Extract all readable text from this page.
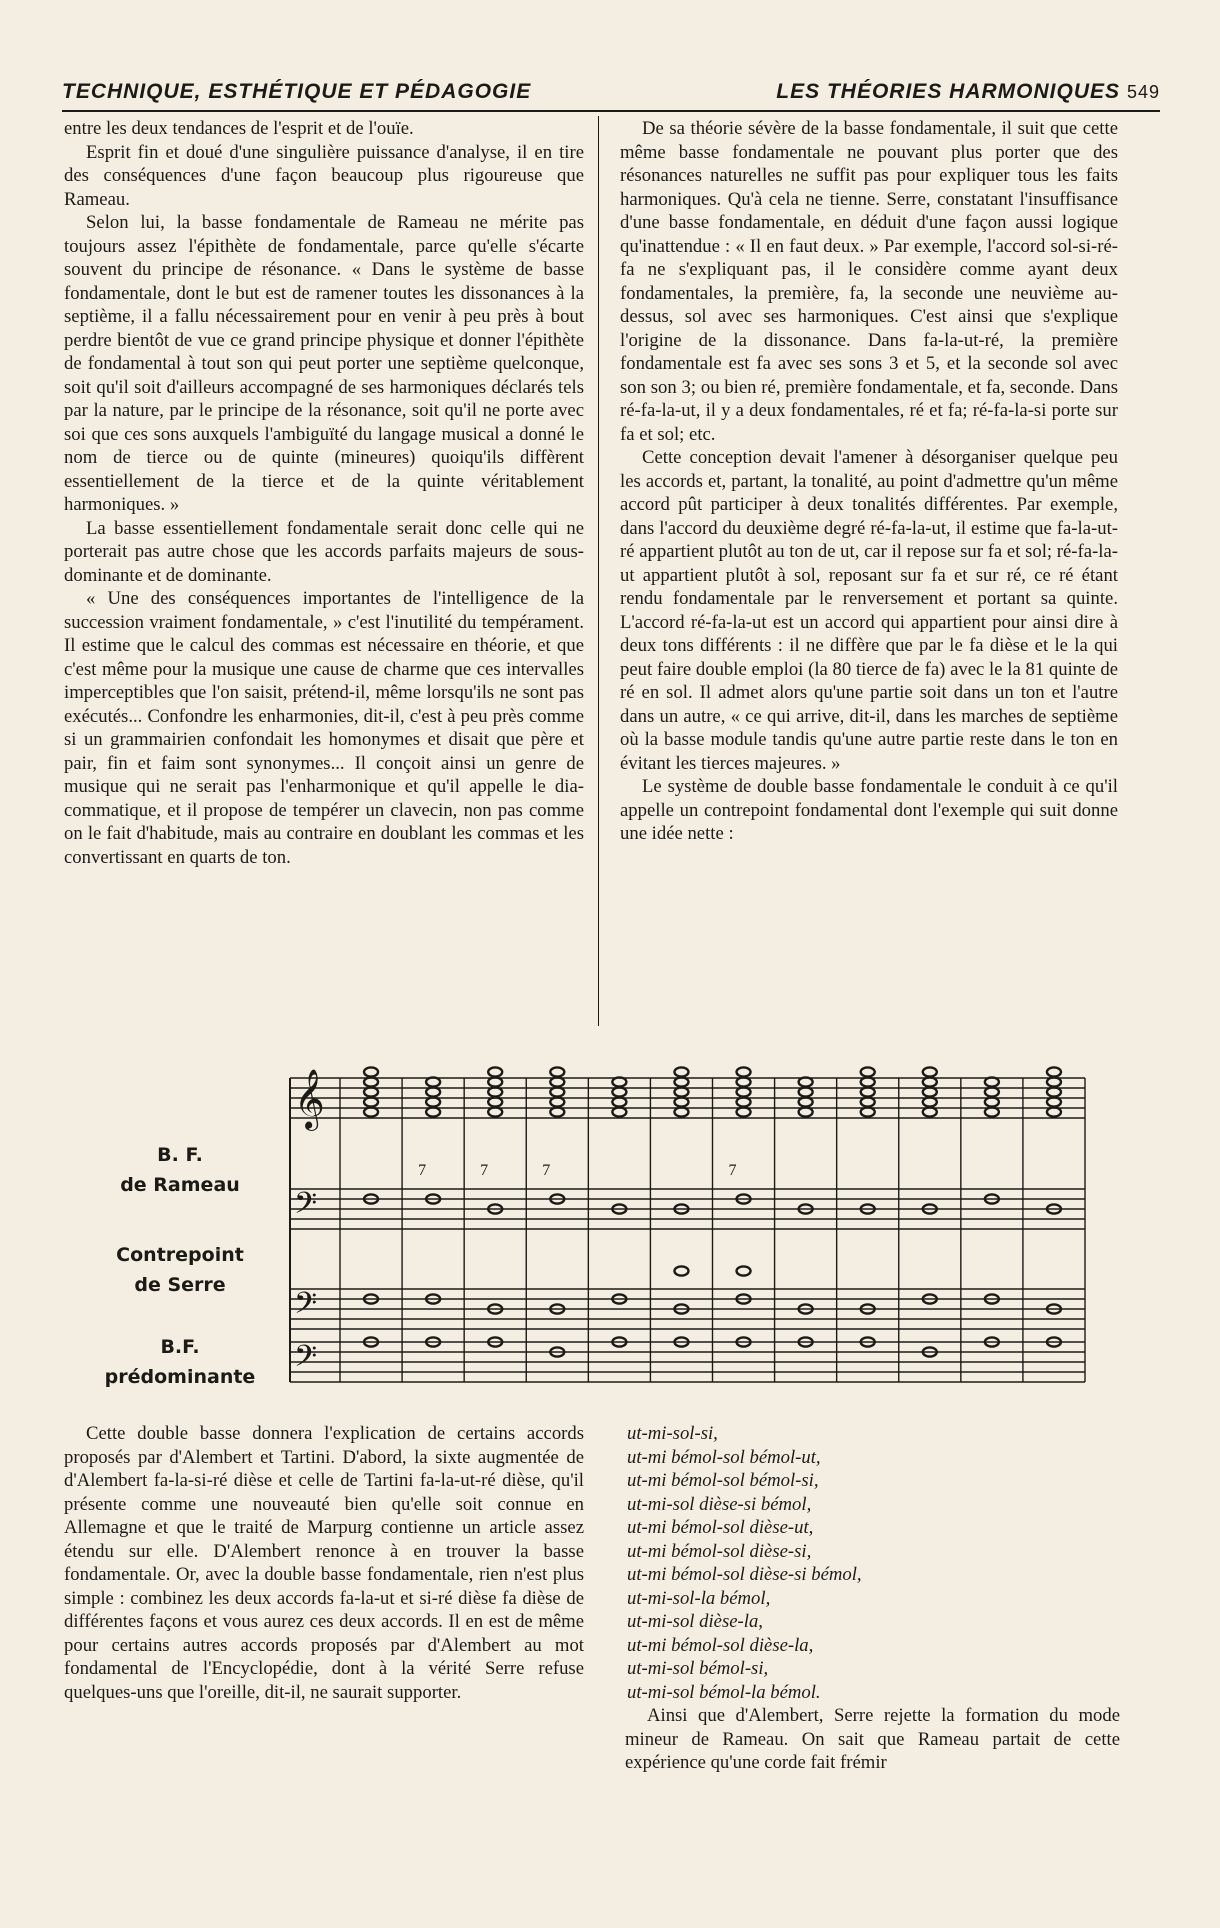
TECHNIQUE, ESTHÉTIQUE ET PÉDAGOGIE	LES THÉORIES HARMONIQUES 549

entre les deux tendances de l'esprit et de l'ouïe.

Esprit fin et doué d'une singulière puissance d'analyse, il en tire des conséquences d'une façon beaucoup plus rigoureuse que Rameau.

Selon lui, la basse fondamentale de Rameau ne mérite pas toujours assez l'épithète de fondamentale, parce qu'elle s'écarte souvent du principe de résonance. « Dans le système de basse fondamentale, dont le but est de ramener toutes les dissonances à la septième, il a fallu nécessairement pour en venir à peu près à bout perdre bientôt de vue ce grand principe physique et donner l'épithète de fondamental à tout son qui peut porter une septième quelconque, soit qu'il soit d'ailleurs accompagné de ses harmoniques déclarés tels par la nature, par le principe de la résonance, soit qu'il ne porte avec soi que ces sons auxquels l'ambiguïté du langage musical a donné le nom de tierce ou de quinte (mineures) quoiqu'ils diffèrent essentiellement de la tierce et de la quinte véritablement harmoniques. »

La basse essentiellement fondamentale serait donc celle qui ne porterait pas autre chose que les accords parfaits majeurs de sous-dominante et de dominante.

« Une des conséquences importantes de l'intelligence de la succession vraiment fondamentale, » c'est l'inutilité du tempérament. Il estime que le calcul des commas est nécessaire en théorie, et que c'est même pour la musique une cause de charme que ces intervalles imperceptibles que l'on saisit, prétend-il, même lorsqu'ils ne sont pas exécutés... Confondre les enharmonies, dit-il, c'est à peu près comme si un grammairien confondait les homonymes et disait que père et pair, fin et faim sont synonymes... Il conçoit ainsi un genre de musique qui ne serait pas l'enharmonique et qu'il appelle le dia-commatique, et il propose de tempérer un clavecin, non pas comme on le fait d'habitude, mais au contraire en doublant les commas et les convertissant en quarts de ton.

De sa théorie sévère de la basse fondamentale, il suit que cette même basse fondamentale ne pouvant plus porter que des résonances naturelles ne suffit pas pour expliquer tous les faits harmoniques. Qu'à cela ne tienne. Serre, constatant l'insuffisance d'une basse fondamentale, en déduit d'une façon aussi logique qu'inattendue : « Il en faut deux. » Par exemple, l'accord sol-si-ré-fa ne s'expliquant pas, il le considère comme ayant deux fondamentales, la première, fa, la seconde une neuvième au-dessus, sol avec ses harmoniques. C'est ainsi que s'explique l'origine de la dissonance. Dans fa-la-ut-ré, la première fondamentale est fa avec ses sons 3 et 5, et la seconde sol avec son son 3; ou bien ré, première fondamentale, et fa, seconde. Dans ré-fa-la-ut, il y a deux fondamentales, ré et fa; ré-fa-la-si porte sur fa et sol; etc.

Cette conception devait l'amener à désorganiser quelque peu les accords et, partant, la tonalité, au point d'admettre qu'un même accord pût participer à deux tonalités différentes. Par exemple, dans l'accord du deuxième degré ré-fa-la-ut, il estime que fa-la-ut-ré appartient plutôt au ton de ut, car il repose sur fa et sol; ré-fa-la-ut appartient plutôt à sol, reposant sur fa et sur ré, ce ré étant rendu fondamentale par le renversement et portant sa quinte. L'accord ré-fa-la-ut est un accord qui appartient pour ainsi dire à deux tons différents : il ne diffère que par le fa dièse et le la qui peut faire double emploi (la 80 tierce de fa) avec le la 81 quinte de ré en sol. Il admet alors qu'une partie soit dans un ton et l'autre dans un autre, « ce qui arrive, dit-il, dans les marches de septième où la basse module tandis qu'une autre partie reste dans le ton en évitant les tierces majeures. »

Le système de double basse fondamentale le conduit à ce qu'il appelle un contrepoint fondamental dont l'exemple qui suit donne une idée nette :

B. F.
de Rameau
Contrepoint
de Serre
B.F.
prédominante
𝄞
𝄢
𝄢
𝄢
7	7	7	7

Cette double basse donnera l'explication de certains accords proposés par d'Alembert et Tartini. D'abord, la sixte augmentée de d'Alembert fa-la-si-ré dièse et celle de Tartini fa-la-ut-ré dièse, qu'il présente comme une nouveauté bien qu'elle soit connue en Allemagne et que le traité de Marpurg contienne un article assez étendu sur elle. D'Alembert renonce à en trouver la basse fondamentale. Or, avec la double basse fondamentale, rien n'est plus simple : combinez les deux accords fa-la-ut et si-ré dièse fa dièse de différentes façons et vous aurez ces deux accords. Il en est de même pour certains autres accords proposés par d'Alembert au mot fondamental de l'Encyclopédie, dont à la vérité Serre refuse quelques-uns que l'oreille, dit-il, ne saurait supporter.

ut-mi-sol-si,
ut-mi bémol-sol bémol-ut,
ut-mi bémol-sol bémol-si,
ut-mi-sol dièse-si bémol,
ut-mi bémol-sol dièse-ut,
ut-mi bémol-sol dièse-si,
ut-mi bémol-sol dièse-si bémol,
ut-mi-sol-la bémol,
ut-mi-sol dièse-la,
ut-mi bémol-sol dièse-la,
ut-mi-sol bémol-si,
ut-mi-sol bémol-la bémol.

Ainsi que d'Alembert, Serre rejette la formation du mode mineur de Rameau. On sait que Rameau partait de cette expérience qu'une corde fait frémir
